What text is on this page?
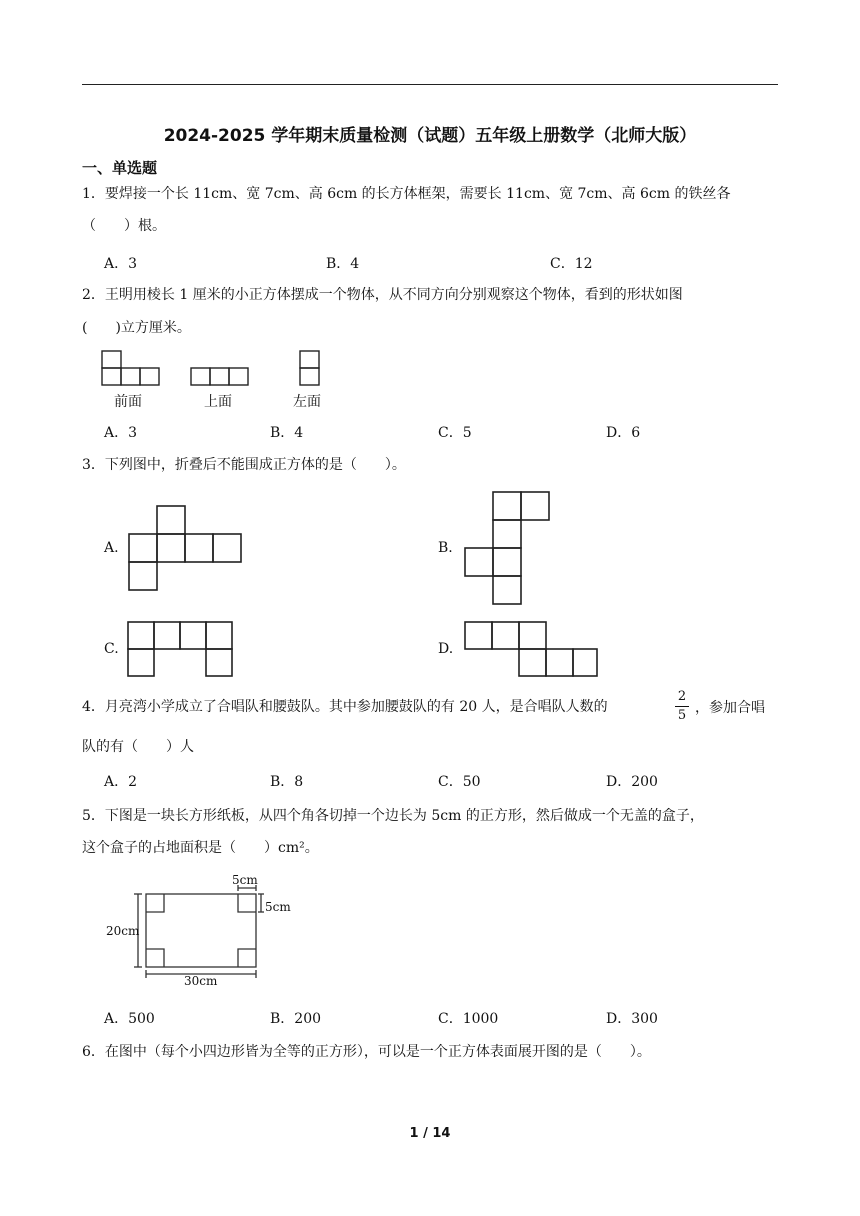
2024-2025 学年期末质量检测（试题）五年级上册数学（北师大版）
一、单选题
1．要焊接一个长 11cm、宽 7cm、高 6cm 的长方体框架，需要长 11cm、宽 7cm、高 6cm 的铁丝各
（　　）根。
A．3	B．4	C．12
2．王明用棱长 1 厘米的小正方体摆成一个物体，从不同方向分别观察这个物体，看到的形状如图
(　　)立方厘米。
前面	上面	左面
A．3	B．4	C．5	D．6
3．下列图中，折叠后不能围成正方体的是（　　）。
A.	B.
C.	D.
4．月亮湾小学成立了合唱队和腰鼓队。其中参加腰鼓队的有 20 人，是合唱队人数的
2
5 ，参加合唱
队的有（　　）人
A．2	B．8	C．50	D．200
5．下图是一块长方形纸板，从四个角各切掉一个边长为 5cm 的正方形，然后做成一个无盖的盒子，
这个盒子的占地面积是（　　）cm²。
5cm
5cm
20cm
30cm
A．500	B．200	C．1000	D．300
6．在图中（每个小四边形皆为全等的正方形），可以是一个正方体表面展开图的是（　　）。
1 / 14
